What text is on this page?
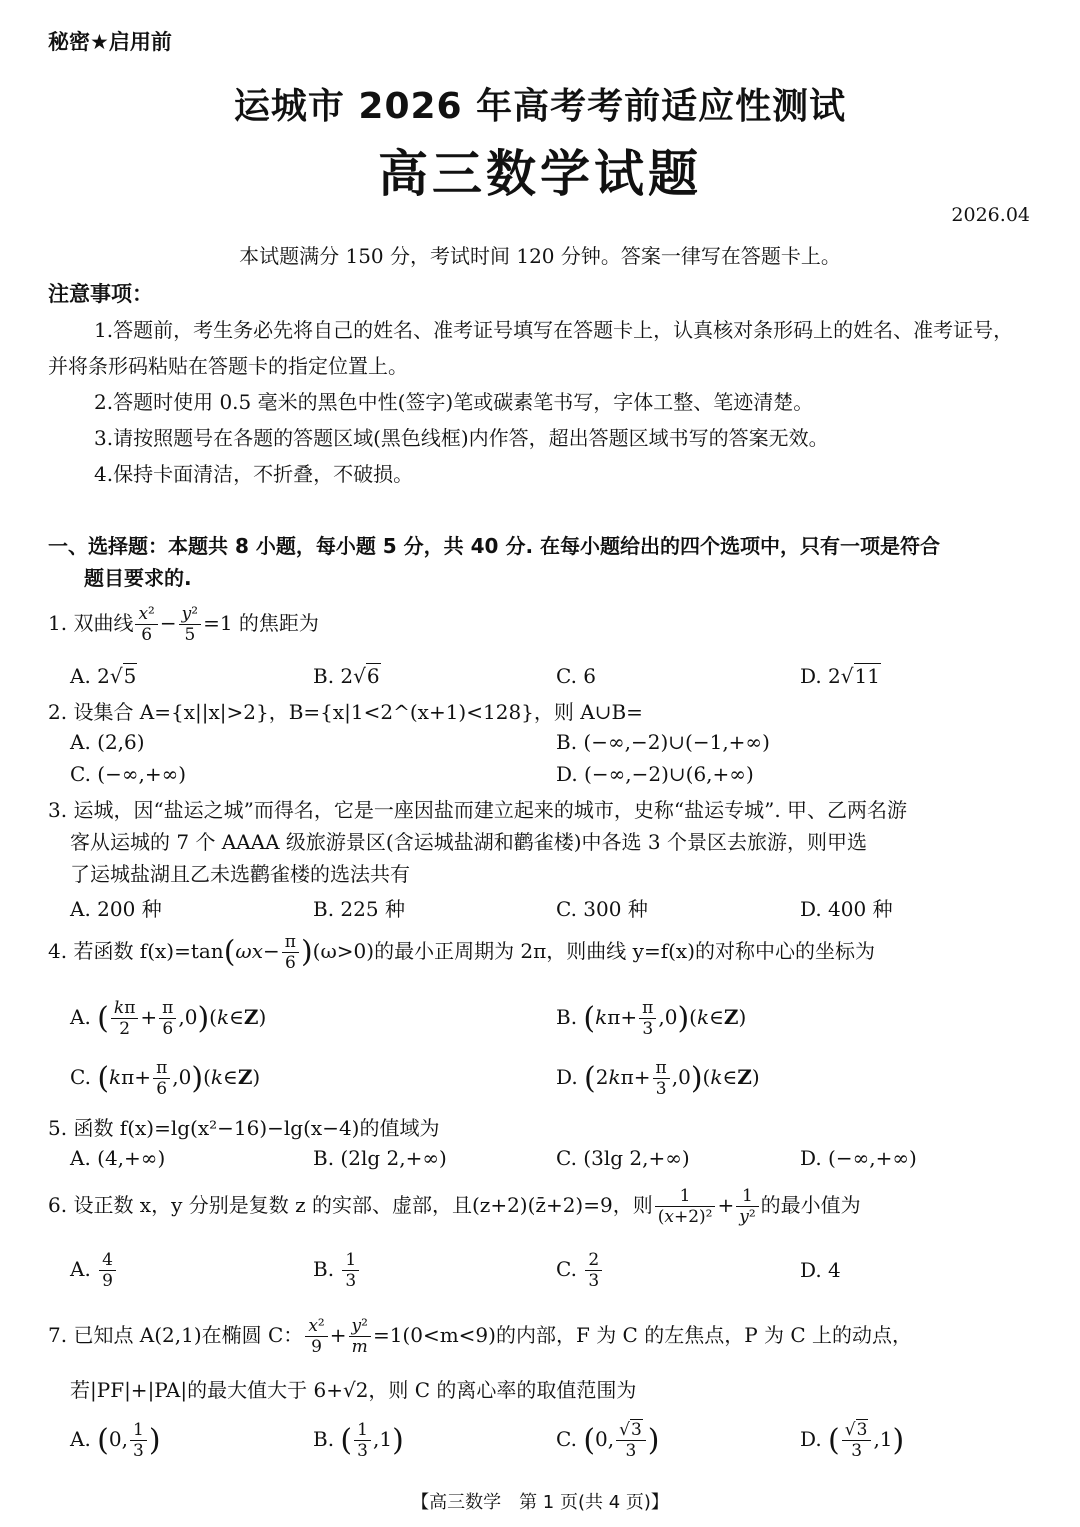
秘密★启用前
运城市 2026 年高考考前适应性测试
高三数学试题
2026.04
本试题满分 150 分，考试时间 120 分钟。答案一律写在答题卡上。
注意事项：

1.答题前，考生务必先将自己的姓名、准考证号填写在答题卡上，认真核对条形码上的姓名、准考证号，并将条形码粘贴在答题卡的指定位置上。

2.答题时使用 0.5 毫米的黑色中性(签字)笔或碳素笔书写，字体工整、笔迹清楚。

3.请按照题号在各题的答题区域(黑色线框)内作答，超出答题区域书写的答案无效。

4.保持卡面清洁，不折叠，不破损。

一、选择题：本题共 8 小题，每小题 5 分，共 40 分. 在每小题给出的四个选项中，只有一项是符合
题目要求的.
1. 双曲线 $\frac{\text{x²}}{6} - \frac{\text{y²}}{5} =1$ 的焦距为
A. 2√5	B. 2√6	C. 6	D. 2√11
2. 设集合 A={x||x|>2}，B={x|1<2^(x+1)<128}，则 A∪B=
A. (2,6)	B. (−∞,−2)∪(−1,+∞)
C. (−∞,+∞)	D. (−∞,−2)∪(6,+∞)
3. 运城，因“盐运之城”而得名，它是一座因盐而建立起来的城市，史称“盐运专城”. 甲、乙两名游
客从运城的 7 个 AAAA 级旅游景区(含运城盐湖和鹳雀楼)中各选 3 个景区去旅游，则甲选
了运城盐湖且乙未选鹳雀楼的选法共有
A. 200 种	B. 225 种	C. 300 种	D. 400 种
4. 若函数 $f(x)=\tan(\omega x- \frac{\pi}{6} )(\omega>0)$的最小正周期为 2π，则曲线 y=f(x)的对称中心的坐标为
A. ( $\frac{k\pi}{2} + \frac{\pi}{6}$ ,0)(k∈Z)	B. ($k\pi+ \frac{\pi}{3}$ ,0)(k∈Z)
C. ($k\pi+ \frac{\pi}{6}$ ,0)(k∈Z)	D. ($2k\pi+ \frac{\pi}{3}$ ,0)(k∈Z)
5. 函数 f(x)=lg(x²−16)−lg(x−4)的值域为
A. (4,+∞)	B. (2lg 2,+∞)	C. (3lg 2,+∞)	D. (−∞,+∞)
6. 设正数 x，y 分别是复数 z 的实部、虚部，且(z+2)(z̄+2)=9，则 $\frac{1}{\text{(x+2)²}} + \frac{1}{\text{y²}}$ 的最小值为
A. $\frac{4}{9}$	B. $\frac{1}{3}$	C. $\frac{2}{3}$	D. 4
7. 已知点 A(2,1)在椭圆 C： $\frac{\text{x²}}{9} + \frac{\text{y²}}{m} =1(0<m<9)$的内部，F 为 C 的左焦点，P 为 C 上的动点，
若|PF|+|PA|的最大值大于 6+√2，则 C 的离心率的取值范围为
A. (0, $\frac{1}{3}$ )	B. ( $\frac{1}{3} ,1$)	C. (0, $\frac{√3}{3}$ )	D. ( $\frac{√3}{3} ,1$)
【高三数学　第 1 页(共 4 页)】
